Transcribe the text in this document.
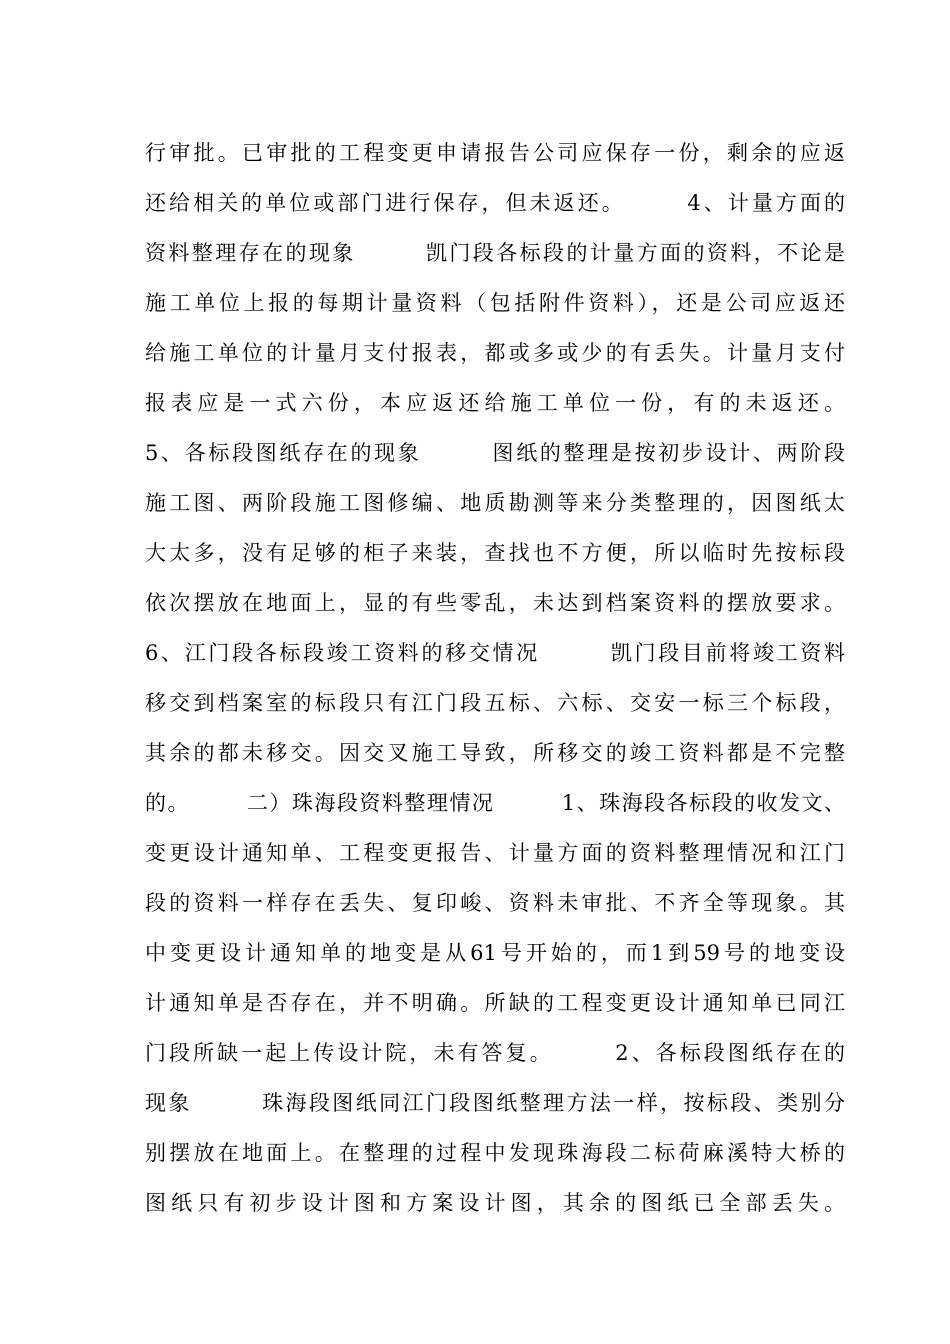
行审批。已审批的工程变更申请报告公司应保存一份，剩余的应返
还给相关的单位或部门进行保存，但未返还。　　　4、计量方面的
资料整理存在的现象　　　凯门段各标段的计量方面的资料，不论是
施工单位上报的每期计量资料（包括附件资料），还是公司应返还
给施工单位的计量月支付报表，都或多或少的有丢失。计量月支付
报表应是一式六份，本应返还给施工单位一份，有的未返还。
5、各标段图纸存在的现象　　　图纸的整理是按初步设计、两阶段
施工图、两阶段施工图修编、地质勘测等来分类整理的，因图纸太
大太多，没有足够的柜子来装，查找也不方便，所以临时先按标段
依次摆放在地面上，显的有些零乱，未达到档案资料的摆放要求。
6、江门段各标段竣工资料的移交情况　　　凯门段目前将竣工资料
移交到档案室的标段只有江门段五标、六标、交安一标三个标段，
其余的都未移交。因交叉施工导致，所移交的竣工资料都是不完整
的。　　　二）珠海段资料整理情况　　　1、珠海段各标段的收发文、
变更设计通知单、工程变更报告、计量方面的资料整理情况和江门
段的资料一样存在丢失、复印峻、资料未审批、不齐全等现象。其
中变更设计通知单的地变是从61号开始的，而1到59号的地变设
计通知单是否存在，并不明确。所缺的工程变更设计通知单已同江
门段所缺一起上传设计院，未有答复。　　　2、各标段图纸存在的
现象　　　珠海段图纸同江门段图纸整理方法一样，按标段、类别分
别摆放在地面上。在整理的过程中发现珠海段二标荷麻溪特大桥的
图纸只有初步设计图和方案设计图，其余的图纸已全部丢失。
